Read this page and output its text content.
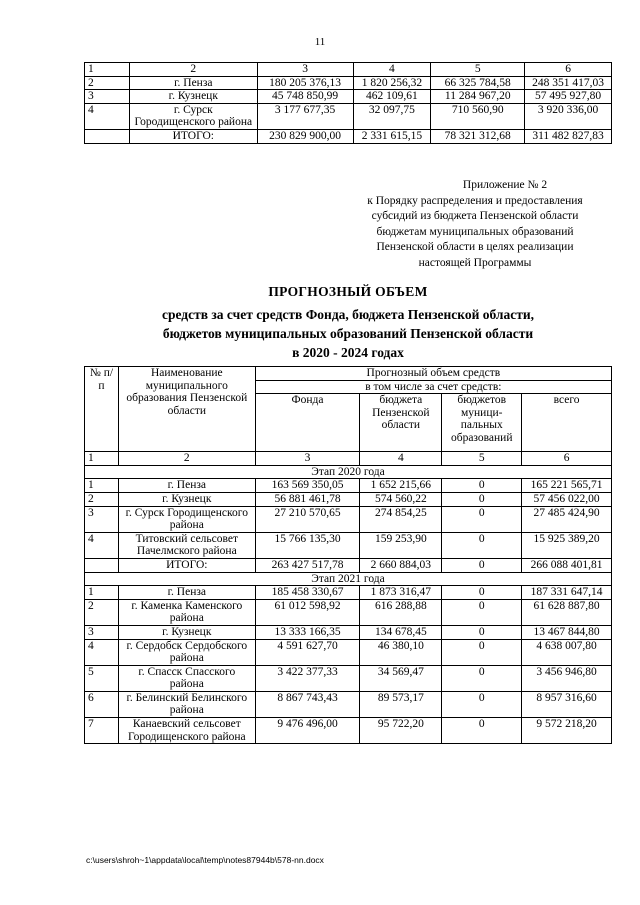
11
1	2	3	4	5	6
2	г. Пенза	180 205 376,13	1 820 256,32	66 325 784,58	248 351 417,03
3	г. Кузнецк	45 748 850,99	462 109,61	11 284 967,20	57 495 927,80
4	г. Сурск Городищенского района	3 177 677,35	32 097,75	710 560,90	3 920 336,00
	ИТОГО:	230 829 900,00	2 331 615,15	78 321 312,68	311 482 827,83
Приложение № 2
к Порядку распределения и предоставления
субсидий из бюджета Пензенской области
бюджетам муниципальных образований
Пензенской области в целях реализации
настоящей Программы
ПРОГНОЗНЫЙ ОБЪЕМ
средств за счет средств Фонда, бюджета Пензенской области,
бюджетов муниципальных образований Пензенской области
в 2020 - 2024 годах
№ п/п	Наименование муниципального образования Пензенской области	Прогнозный объем средств			
		в том числе за счет средств:			
		Фонда	бюджета Пензенской области	бюджетов муници-пальных образований	всего
1	2	3	4	5	6
Этап 2020 года					
1	г. Пенза	163 569 350,05	1 652 215,66	0	165 221 565,71
2	г. Кузнецк	56 881 461,78	574 560,22	0	57 456 022,00
3	г. Сурск Городищенского района	27 210 570,65	274 854,25	0	27 485 424,90
4	Титовский сельсовет Пачелмского района	15 766 135,30	159 253,90	0	15 925 389,20
	ИТОГО:	263 427 517,78	2 660 884,03	0	266 088 401,81
Этап 2021 года					
1	г. Пенза	185 458 330,67	1 873 316,47	0	187 331 647,14
2	г. Каменка Каменского района	61 012 598,92	616 288,88	0	61 628 887,80
3	г. Кузнецк	13 333 166,35	134 678,45	0	13 467 844,80
4	г. Сердобск Сердобского района	4 591 627,70	46 380,10	0	4 638 007,80
5	г. Спасск Спасского района	3 422 377,33	34 569,47	0	3 456 946,80
6	г. Белинский Белинского района	8 867 743,43	89 573,17	0	8 957 316,60
7	Канаевский сельсовет Городищенского района	9 476 496,00	95 722,20	0	9 572 218,20
c:\users\shroh~1\appdata\local\temp\notes87944b\578-nn.docx
